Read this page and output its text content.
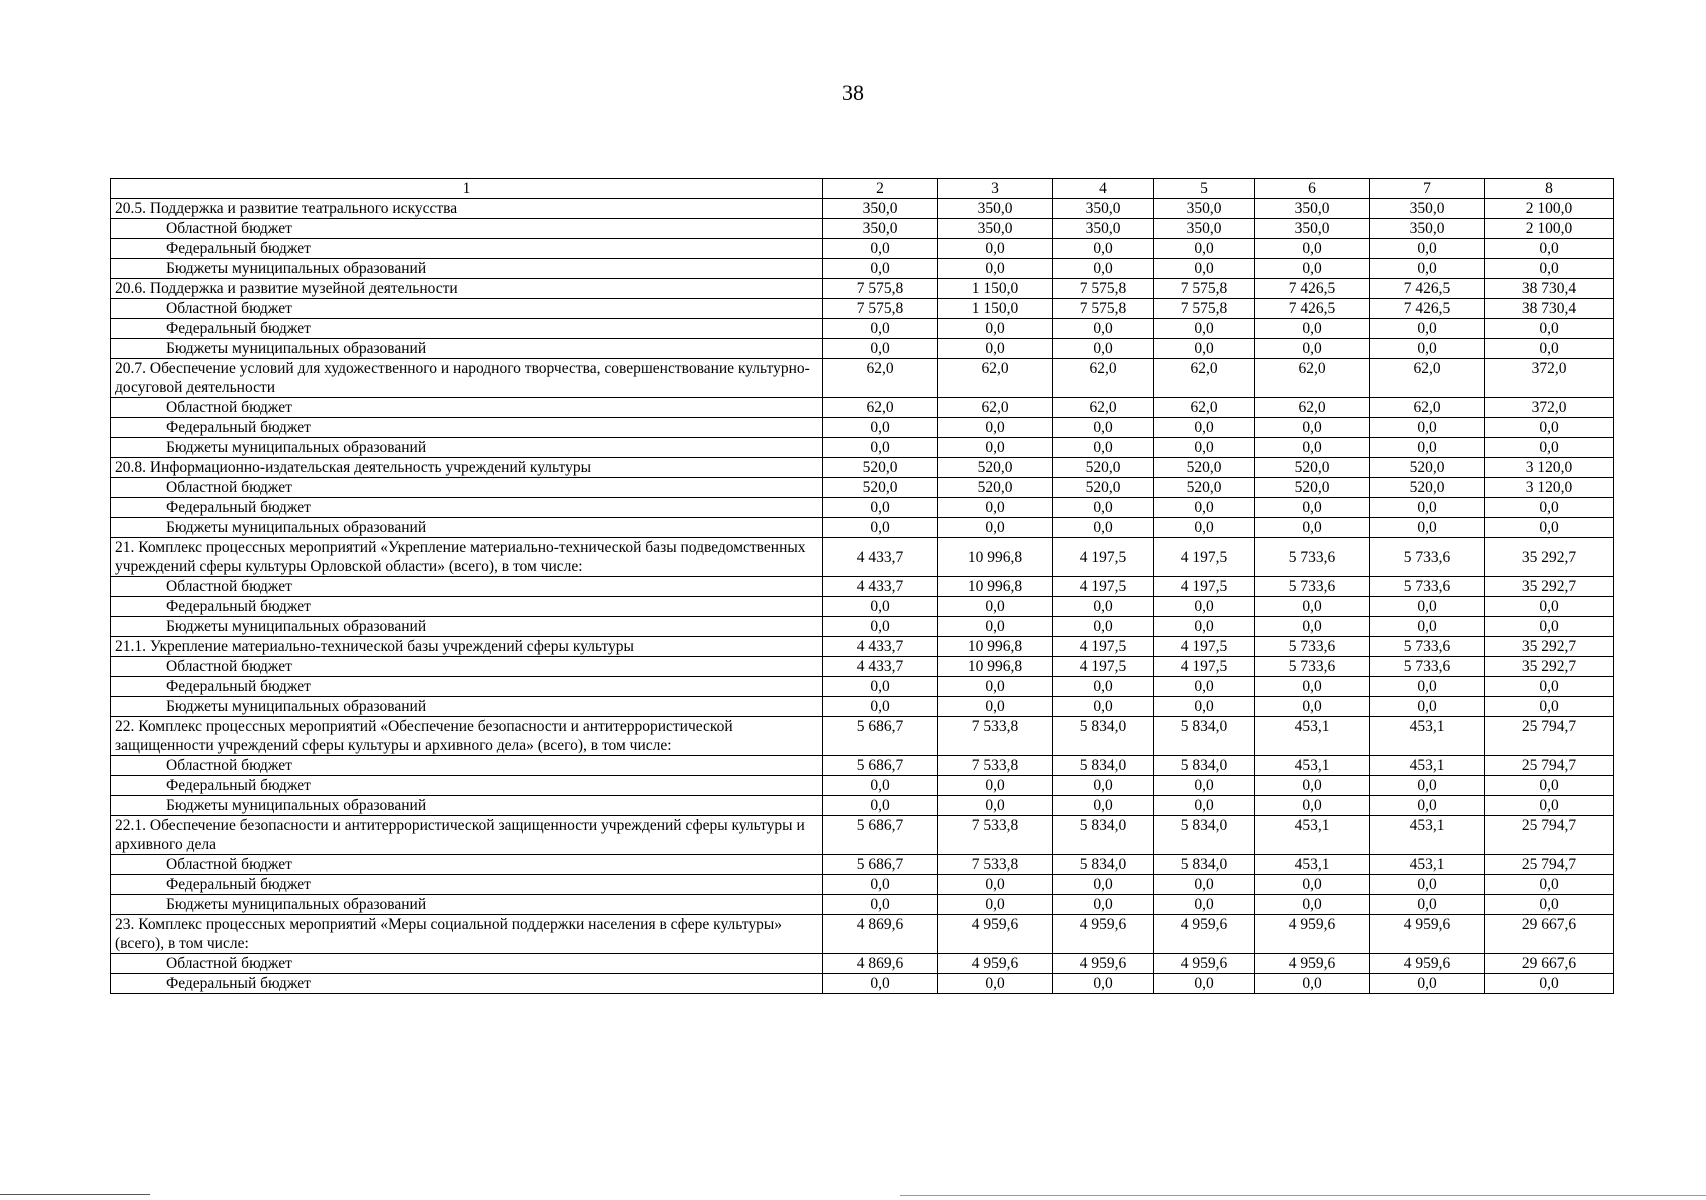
38
1	2	3	4	5	6	7	8
20.5. Поддержка и развитие театрального искусства	350,0	350,0	350,0	350,0	350,0	350,0	2 100,0
Областной бюджет	350,0	350,0	350,0	350,0	350,0	350,0	2 100,0
Федеральный бюджет	0,0	0,0	0,0	0,0	0,0	0,0	0,0
Бюджеты муниципальных образований	0,0	0,0	0,0	0,0	0,0	0,0	0,0
20.6. Поддержка и развитие музейной деятельности	7 575,8	1 150,0	7 575,8	7 575,8	7 426,5	7 426,5	38 730,4
Областной бюджет	7 575,8	1 150,0	7 575,8	7 575,8	7 426,5	7 426,5	38 730,4
Федеральный бюджет	0,0	0,0	0,0	0,0	0,0	0,0	0,0
Бюджеты муниципальных образований	0,0	0,0	0,0	0,0	0,0	0,0	0,0
20.7. Обеспечение условий для художественного и народного творчества, совершенствование культурно-досуговой деятельности	62,0	62,0	62,0	62,0	62,0	62,0	372,0
Областной бюджет	62,0	62,0	62,0	62,0	62,0	62,0	372,0
Федеральный бюджет	0,0	0,0	0,0	0,0	0,0	0,0	0,0
Бюджеты муниципальных образований	0,0	0,0	0,0	0,0	0,0	0,0	0,0
20.8. Информационно-издательская деятельность учреждений культуры	520,0	520,0	520,0	520,0	520,0	520,0	3 120,0
Областной бюджет	520,0	520,0	520,0	520,0	520,0	520,0	3 120,0
Федеральный бюджет	0,0	0,0	0,0	0,0	0,0	0,0	0,0
Бюджеты муниципальных образований	0,0	0,0	0,0	0,0	0,0	0,0	0,0
21. Комплекс процессных мероприятий «Укрепление материально-технической базы подведомственных учреждений сферы культуры Орловской области» (всего), в том числе:	4 433,7	10 996,8	4 197,5	4 197,5	5 733,6	5 733,6	35 292,7
Областной бюджет	4 433,7	10 996,8	4 197,5	4 197,5	5 733,6	5 733,6	35 292,7
Федеральный бюджет	0,0	0,0	0,0	0,0	0,0	0,0	0,0
Бюджеты муниципальных образований	0,0	0,0	0,0	0,0	0,0	0,0	0,0
21.1. Укрепление материально-технической базы учреждений сферы культуры	4 433,7	10 996,8	4 197,5	4 197,5	5 733,6	5 733,6	35 292,7
Областной бюджет	4 433,7	10 996,8	4 197,5	4 197,5	5 733,6	5 733,6	35 292,7
Федеральный бюджет	0,0	0,0	0,0	0,0	0,0	0,0	0,0
Бюджеты муниципальных образований	0,0	0,0	0,0	0,0	0,0	0,0	0,0
22. Комплекс процессных мероприятий «Обеспечение безопасности и антитеррористической защищенности учреждений сферы культуры и архивного дела» (всего), в том числе:	5 686,7	7 533,8	5 834,0	5 834,0	453,1	453,1	25 794,7
Областной бюджет	5 686,7	7 533,8	5 834,0	5 834,0	453,1	453,1	25 794,7
Федеральный бюджет	0,0	0,0	0,0	0,0	0,0	0,0	0,0
Бюджеты муниципальных образований	0,0	0,0	0,0	0,0	0,0	0,0	0,0
22.1. Обеспечение безопасности и антитеррористической защищенности учреждений сферы культуры и архивного дела	5 686,7	7 533,8	5 834,0	5 834,0	453,1	453,1	25 794,7
Областной бюджет	5 686,7	7 533,8	5 834,0	5 834,0	453,1	453,1	25 794,7
Федеральный бюджет	0,0	0,0	0,0	0,0	0,0	0,0	0,0
Бюджеты муниципальных образований	0,0	0,0	0,0	0,0	0,0	0,0	0,0
23. Комплекс процессных мероприятий «Меры социальной поддержки населения в сфере культуры» (всего), в том числе:	4 869,6	4 959,6	4 959,6	4 959,6	4 959,6	4 959,6	29 667,6
Областной бюджет	4 869,6	4 959,6	4 959,6	4 959,6	4 959,6	4 959,6	29 667,6
Федеральный бюджет	0,0	0,0	0,0	0,0	0,0	0,0	0,0
